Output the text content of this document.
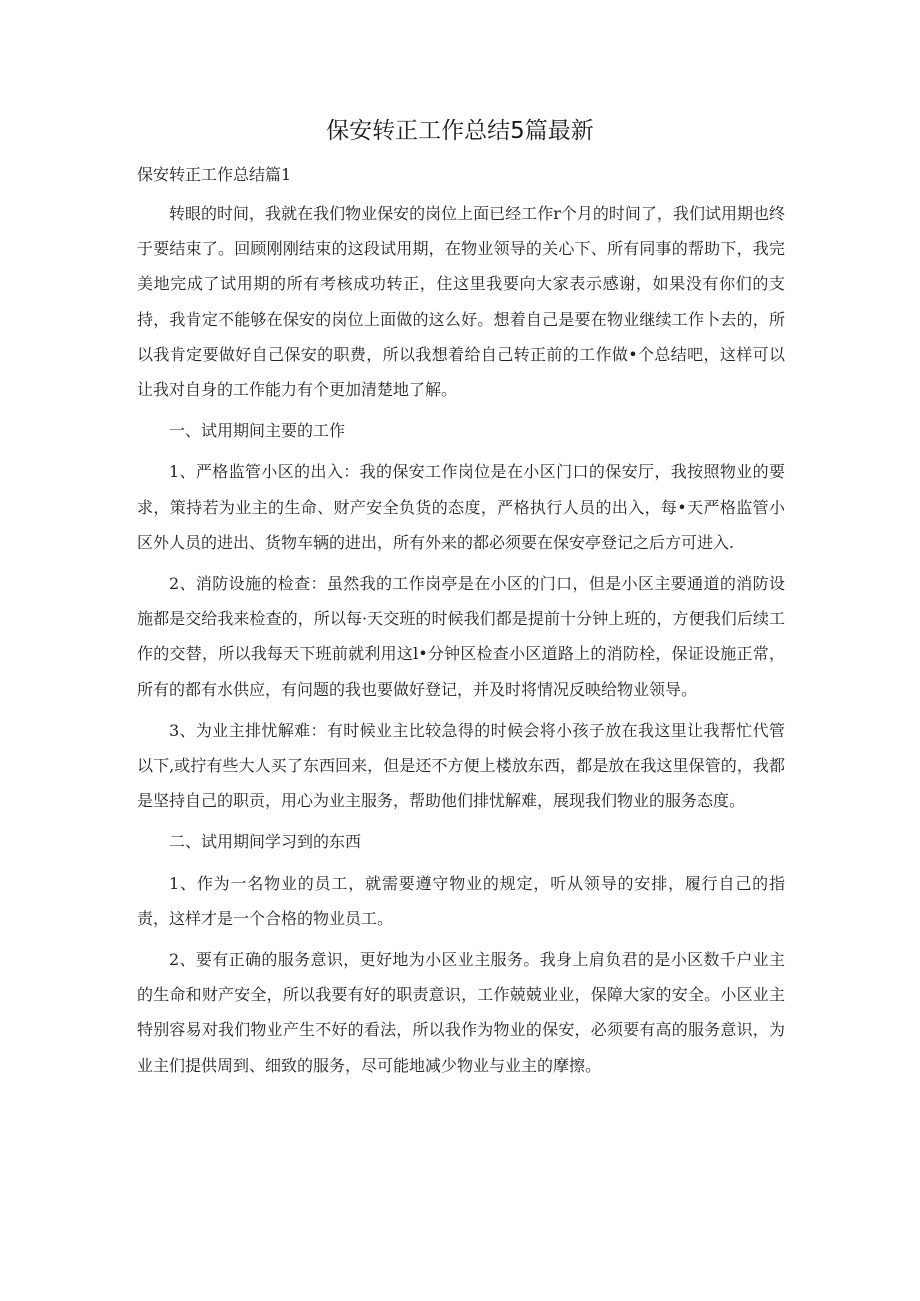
保安转正工作总结5篇最新
保安转正工作总结篇1

转眼的时间，我就在我们物业保安的岗位上面已经工作r个月的时间了，我们试用期也终于要结束了。回顾刚刚结束的这段试用期，在物业领导的关心下、所有同事的帮助下，我完美地完成了试用期的所有考核成功转正，住这里我要向大家表示感谢，如果没有你们的支持，我肯定不能够在保安的岗位上面做的这么好。想着自己是要在物业继续工作卜去的，所以我肯定要做好自己保安的职费，所以我想着给自己转正前的工作做•个总结吧，这样可以让我对自身的工作能力有个更加清楚地了解。

一、试用期间主要的工作

1、严格监管小区的出入：我的保安工作岗位是在小区门口的保安厅，我按照物业的要求，策持若为业主的生命、财产安全负货的态度，严格执行人员的出入，每•天严格监管小区外人员的进出、货物车辆的进出，所有外来的都必须要在保安亭登记之后方可进入.

2、消防设施的检查：虽然我的工作岗亭是在小区的门口，但是小区主要通道的消防设施都是交给我来检查的，所以每·天交班的时候我们都是提前十分钟上班的，方便我们后续工作的交替，所以我每天下班前就利用这l•分钟区检查小区道路上的消防栓，保证设施正常，所有的都有水供应，有问题的我也要做好登记，并及时将情况反映给物业领导。

3、为业主排忧解难：有时候业主比较急得的时候会将小孩子放在我这里让我帮忙代管以下,或拧有些大人买了东西回来，但是还不方便上楼放东西，都是放在我这里保管的，我都是坚持自己的职贡，用心为业主服务，帮助他们排忧解难，展现我们物业的服务态度。

二、试用期间学习到的东西

1、作为一名物业的员工，就需要遵守物业的规定，听从领导的安排，履行自己的指责，这样才是一个合格的物业员工。

2、要有正确的服务意识，更好地为小区业主服务。我身上肩负君的是小区数千户业主的生命和财产安全，所以我要有好的职责意识，工作兢兢业业，保障大家的安全。小区业主特别容易对我们物业产生不好的看法，所以我作为物业的保安，必须要有高的服务意识，为业主们提供周到、细致的服务，尽可能地减少物业与业主的摩擦。
